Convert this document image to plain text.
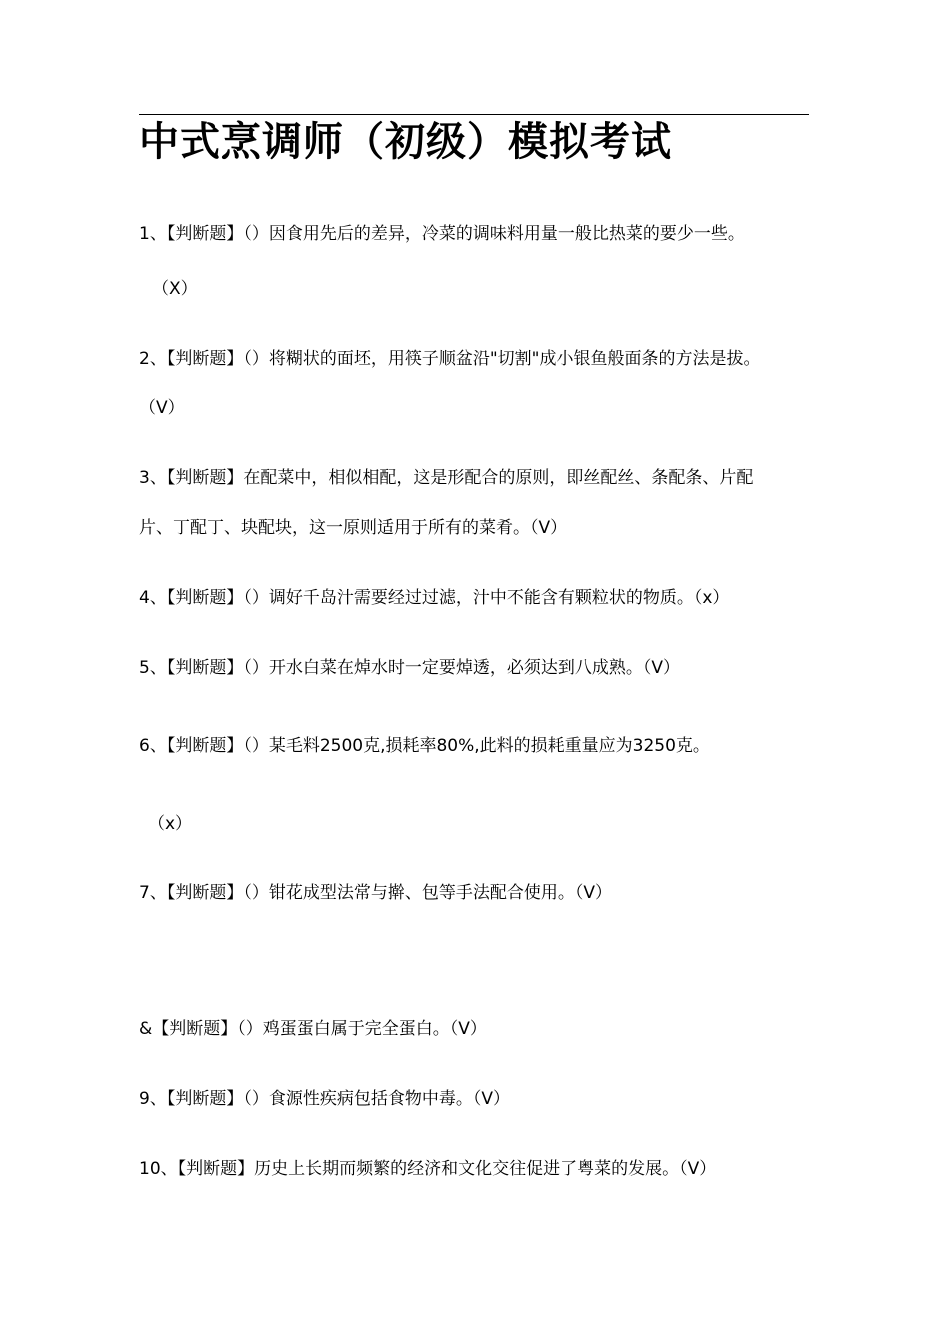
中式烹调师（初级）模拟考试
1、【判断题】（）因食用先后的差异，冷菜的调味料用量一般比热菜的要少一些。
（X）
2、【判断题】（）将糊状的面坯，用筷子顺盆沿"切割"成小银鱼般面条的方法是拔。
（V）
3、【判断题】在配菜中，相似相配，这是形配合的原则，即丝配丝、条配条、片配
片、丁配丁、块配块，这一原则适用于所有的菜肴。（V）
4、【判断题】（）调好千岛汁需要经过过滤，汁中不能含有颗粒状的物质。（x）
5、【判断题】（）开水白菜在焯水时一定要焯透，必须达到八成熟。（V）
6、【判断题】（）某毛料2500克,损耗率80%,此料的损耗重量应为3250克。
（x）
7、【判断题】（）钳花成型法常与擀、包等手法配合使用。（V）
&【判断题】（）鸡蛋蛋白属于完全蛋白。（V）
9、【判断题】（）食源性疾病包括食物中毒。（V）
10、【判断题】历史上长期而频繁的经济和文化交往促进了粤菜的发展。（V）
